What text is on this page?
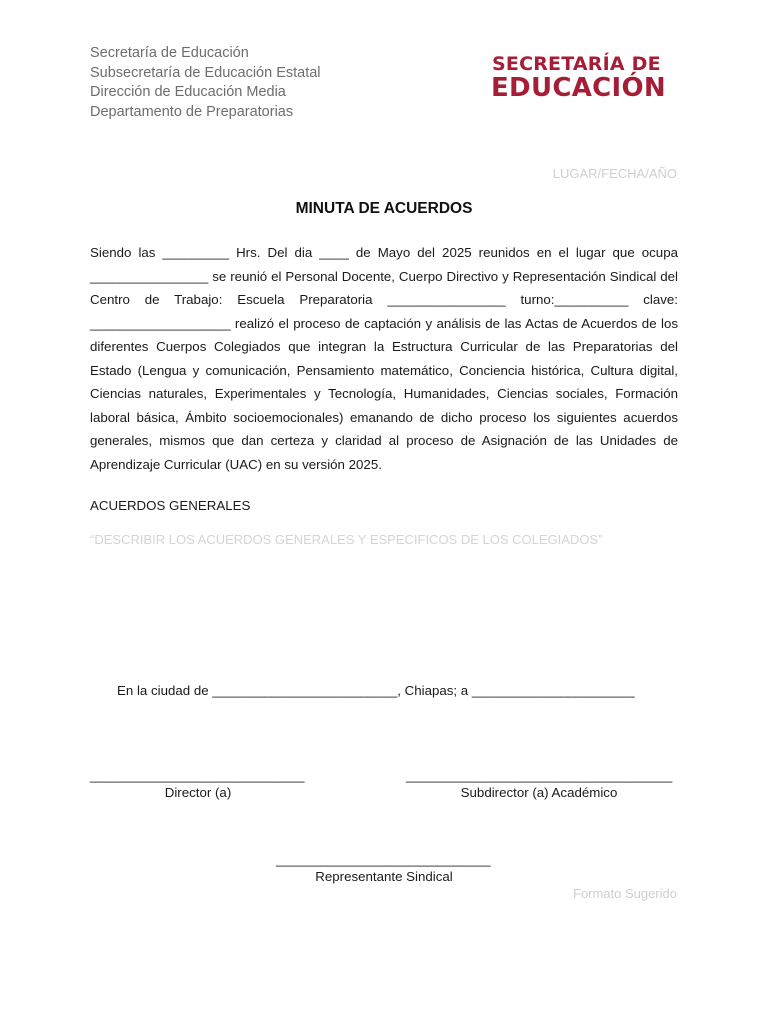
Secretaría de Educación
Subsecretaría de Educación Estatal
Dirección de Educación Media
Departamento de Preparatorias
SECRETARÍA DE
EDUCACIÓN
LUGAR/FECHA/AÑO
MINUTA DE ACUERDOS
Siendo las _________ Hrs. Del dia ____ de Mayo del 2025 reunidos en el lugar que ocupa ________________ se reunió el Personal Docente, Cuerpo Directivo y Representación Sindical del Centro de Trabajo: Escuela Preparatoria ________________ turno:__________ clave: ___________________ realizó el proceso de captación y análisis de las Actas de Acuerdos de los diferentes Cuerpos Colegiados que integran la Estructura Curricular de las Preparatorias del Estado (Lengua y comunicación, Pensamiento matemático, Conciencia histórica, Cultura digital, Ciencias naturales, Experimentales y Tecnología, Humanidades, Ciencias sociales, Formación laboral básica, Ámbito socioemocionales) emanando de dicho proceso los siguientes acuerdos generales, mismos que dan certeza y claridad al proceso de Asignación de las Unidades de Aprendizaje Curricular (UAC) en su versión 2025.
ACUERDOS GENERALES
“DESCRIBIR LOS ACUERDOS GENERALES Y ESPECIFICOS DE LOS COLEGIADOS”
En la ciudad de _________________________, Chiapas; a ______________________
_____________________________
Director (a)
____________________________________
Subdirector (a) Académico
_____________________________
Representante Sindical
Formato Sugerido
